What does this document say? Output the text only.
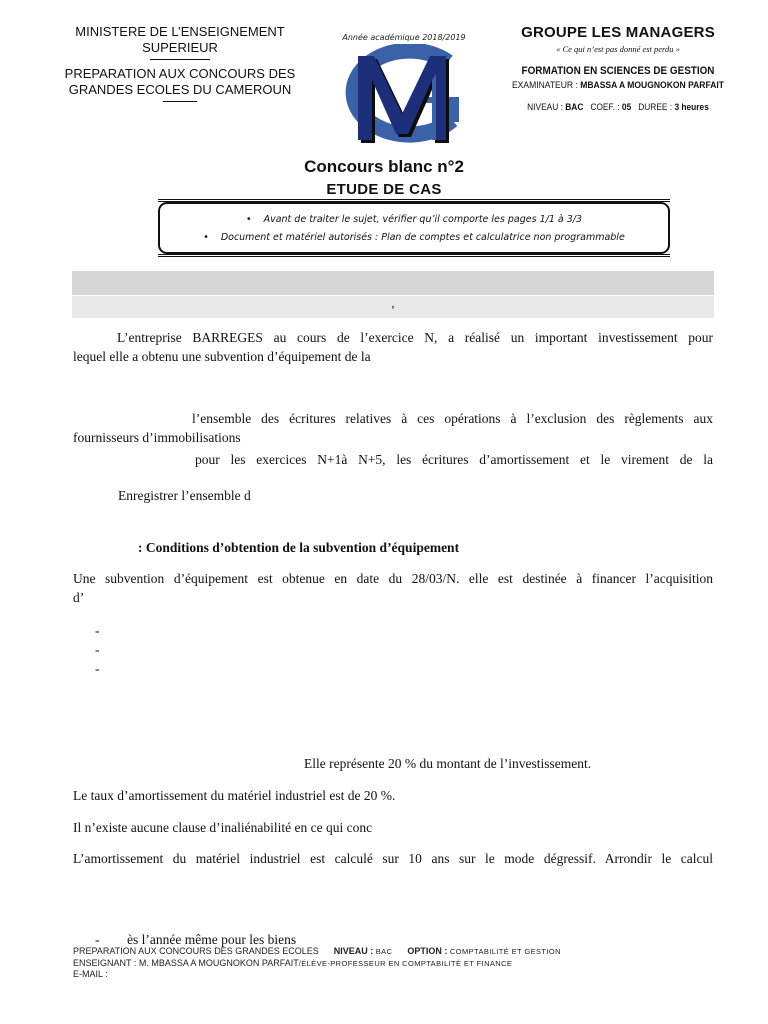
MINISTERE DE L’ENSEIGNEMENT
SUPERIEUR
PREPARATION AUX CONCOURS DES
GRANDES ECOLES DU CAMEROUN
Année académique 2018/2019	GROUPE LES MANAGERS
« Ce qui n’est pas donné est perdu »
FORMATION EN SCIENCES DE GESTION
EXAMINATEUR : MBASSA A MOUGNOKON PARFAIT
NIVEAU : BAC COEF. : 05 DUREE : 3 heures
Concours blanc n°2
ETUDE DE CAS
• Avant de traiter le sujet, vérifier qu’il comporte les pages 1/1 à 3/3
• Document et matériel autorisés : Plan de comptes et calculatrice non programmable
,
L’entreprise BARREGES au cours de l’exercice N, a réalisé un important investissement pour
lequel elle a obtenu une subvention d’équipement de la
l’ensemble des écritures relatives à ces opérations à l’exclusion des règlements aux
fournisseurs d’immobilisations
pour les exercices N+1à N+5, les écritures d’amortissement et le virement de la
Enregistrer l’ensemble d
: Conditions d’obtention de la subvention d’équipement
Une subvention d’équipement est obtenue en date du 28/03/N. elle est destinée à financer l’acquisition
d’
-
-
-
Elle représente 20 % du montant de l’investissement.
Le taux d’amortissement du matériel industriel est de 20 %.
Il n’existe aucune clause d’inaliénabilité en ce qui conc
L’amortissement du matériel industriel est calculé sur 10 ans sur le mode dégressif. Arrondir le calcul
- ès l’année même pour les biens
PREPARATION AUX CONCOURS DES GRANDES ECOLES NIVEAU : BAC OPTION : COMPTABILITÉ ET GESTION
ENSEIGNANT : M. MBASSA A MOUGNOKON PARFAIT/ÉLÈVE-PROFESSEUR EN COMPTABILITÉ ET FINANCE
E-MAIL :
